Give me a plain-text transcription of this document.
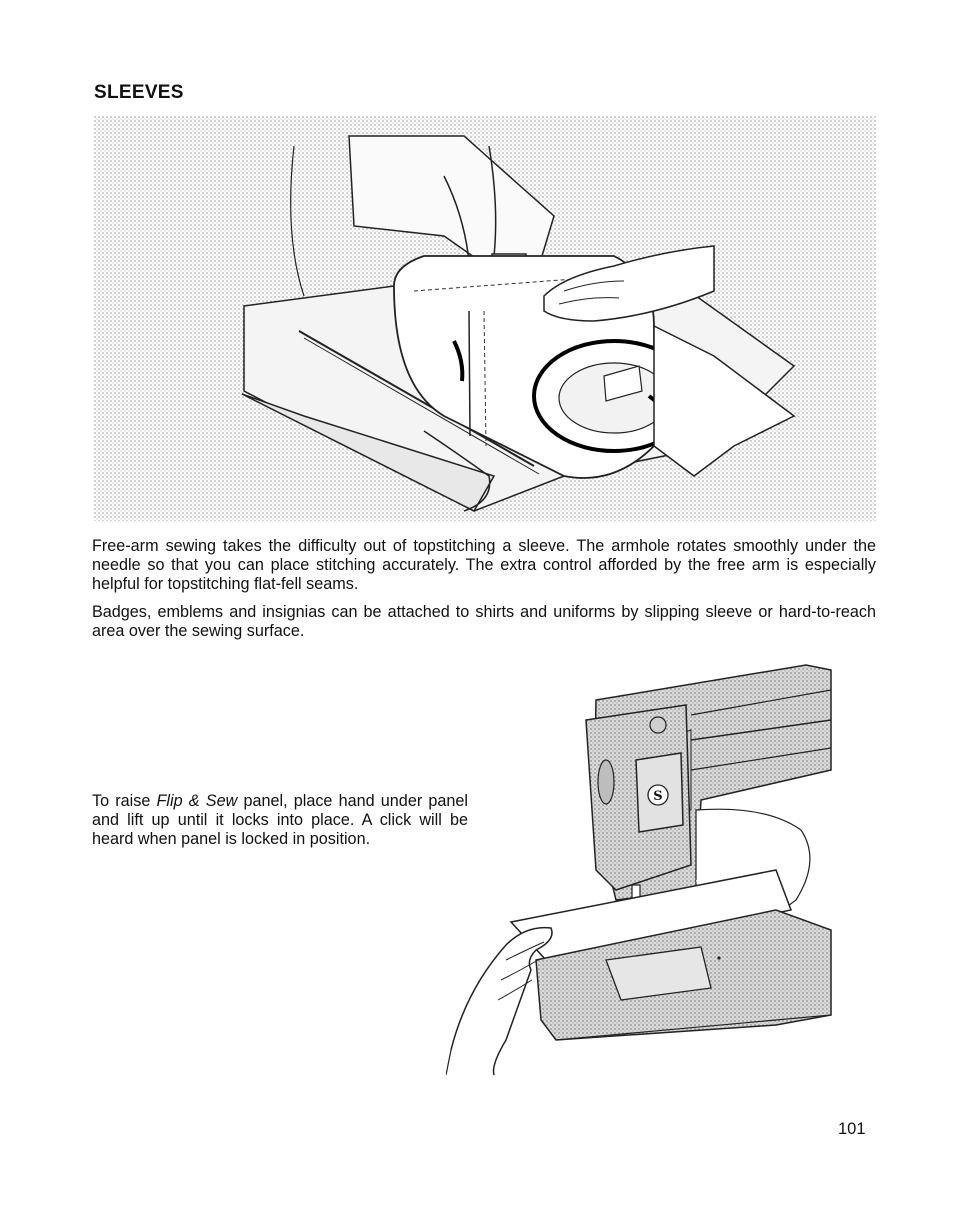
SLEEVES

Free-arm sewing takes the difficulty out of topstitching a sleeve. The armhole rotates smoothly under the needle so that you can place stitching accurately. The extra control afforded by the free arm is especially helpful for topstitching flat-fell seams.

Badges, emblems and insignias can be attached to shirts and uniforms by slipping sleeve or hard-to-reach area over the sewing surface.

To raise Flip & Sew panel, place hand under panel and lift up until it locks into place. A click will be heard when panel is locked in position.

S
101
